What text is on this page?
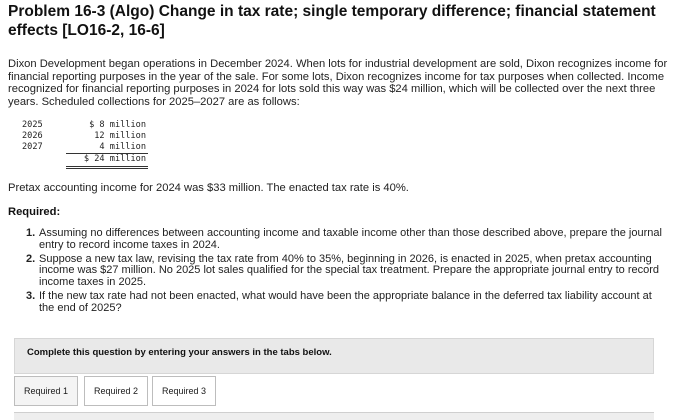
Problem 16-3 (Algo) Change in tax rate; single temporary difference; financial statement effects [LO16-2, 16-6]
Dixon Development began operations in December 2024. When lots for industrial development are sold, Dixon recognizes income for financial reporting purposes in the year of the sale. For some lots, Dixon recognizes income for tax purposes when collected. Income recognized for financial reporting purposes in 2024 for lots sold this way was $24 million, which will be collected over the next three years. Scheduled collections for 2025–2027 are as follows:
2025
2026
2027
$ 8 million
12 million
4 million
$ 24 million
Pretax accounting income for 2024 was $33 million. The enacted tax rate is 40%.
Required:
1. Assuming no differences between accounting income and taxable income other than those described above, prepare the journal entry to record income taxes in 2024.
2. Suppose a new tax law, revising the tax rate from 40% to 35%, beginning in 2026, is enacted in 2025, when pretax accounting income was $27 million. No 2025 lot sales qualified for the special tax treatment. Prepare the appropriate journal entry to record income taxes in 2025.
3. If the new tax rate had not been enacted, what would have been the appropriate balance in the deferred tax liability account at the end of 2025?
Complete this question by entering your answers in the tabs below.
Required 1	Required 2	Required 3
